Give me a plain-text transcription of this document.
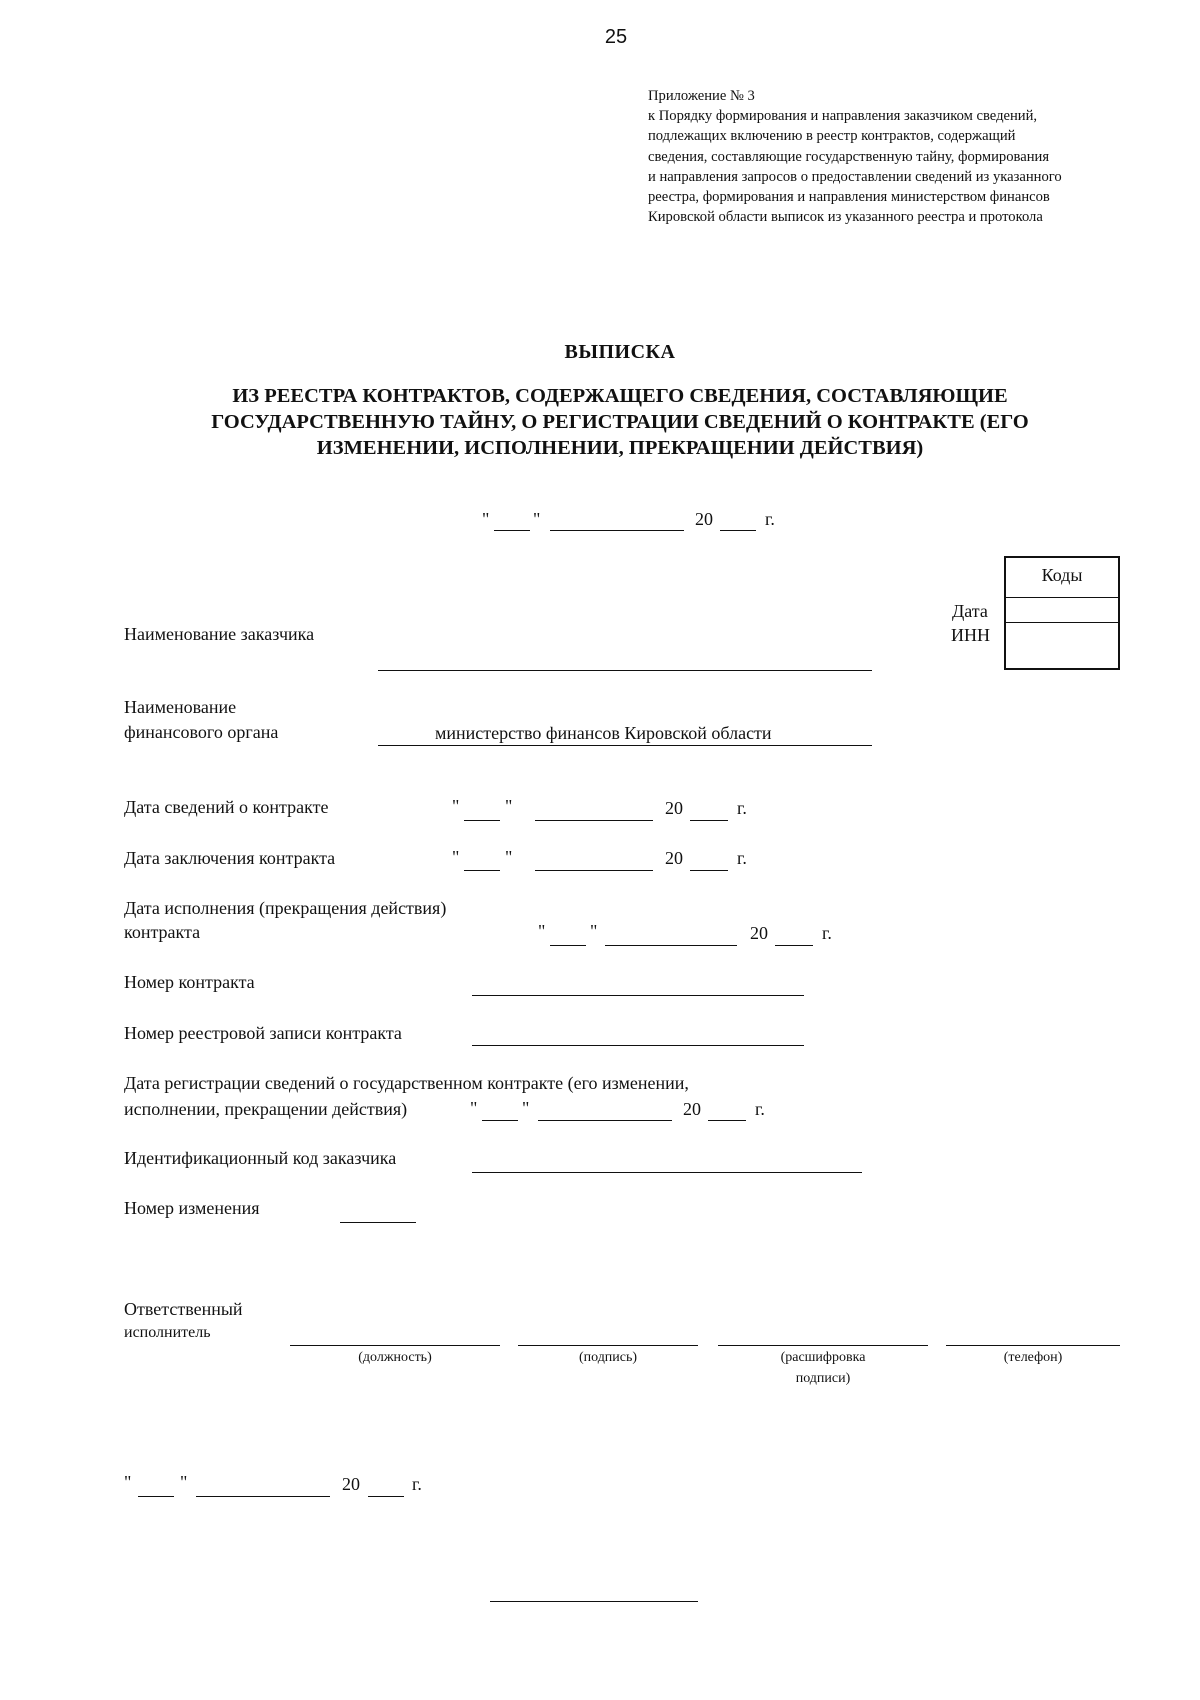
25
Приложение № 3
к Порядку формирования и направления заказчиком сведений,
подлежащих включению в реестр контрактов, содержащий
сведения, составляющие государственную тайну, формирования
и направления запросов о предоставлении сведений из указанного
реестра, формирования и направления министерством финансов
Кировской области выписок из указанного реестра и протокола
ВЫПИСКА
ИЗ РЕЕСТРА КОНТРАКТОВ, СОДЕРЖАЩЕГО СВЕДЕНИЯ, СОСТАВЛЯЮЩИЕ
ГОСУДАРСТВЕННУЮ ТАЙНУ, О РЕГИСТРАЦИИ СВЕДЕНИЙ О КОНТРАКТЕ (ЕГО
ИЗМЕНЕНИИ, ИСПОЛНЕНИИ, ПРЕКРАЩЕНИИ ДЕЙСТВИЯ)
" "	20	г.
Коды
Дата
ИНН
Наименование заказчика
Наименование
финансового органа	министерство финансов Кировской области
Дата сведений о контракте	"	"	20	г.
Дата заключения контракта	"	"	20	г.
Дата исполнения (прекращения действия)
контракта	" "	20	г.
Номер контракта
Номер реестровой записи контракта
Дата регистрации сведений о государственном контракте (его изменении,
исполнении, прекращении действия)	" "	20	г.
Идентификационный код заказчика
Номер изменения
Ответственный
исполнитель
(должность)	(подпись)	(расшифровка
подписи)
(телефон)
"	"	20	г.
